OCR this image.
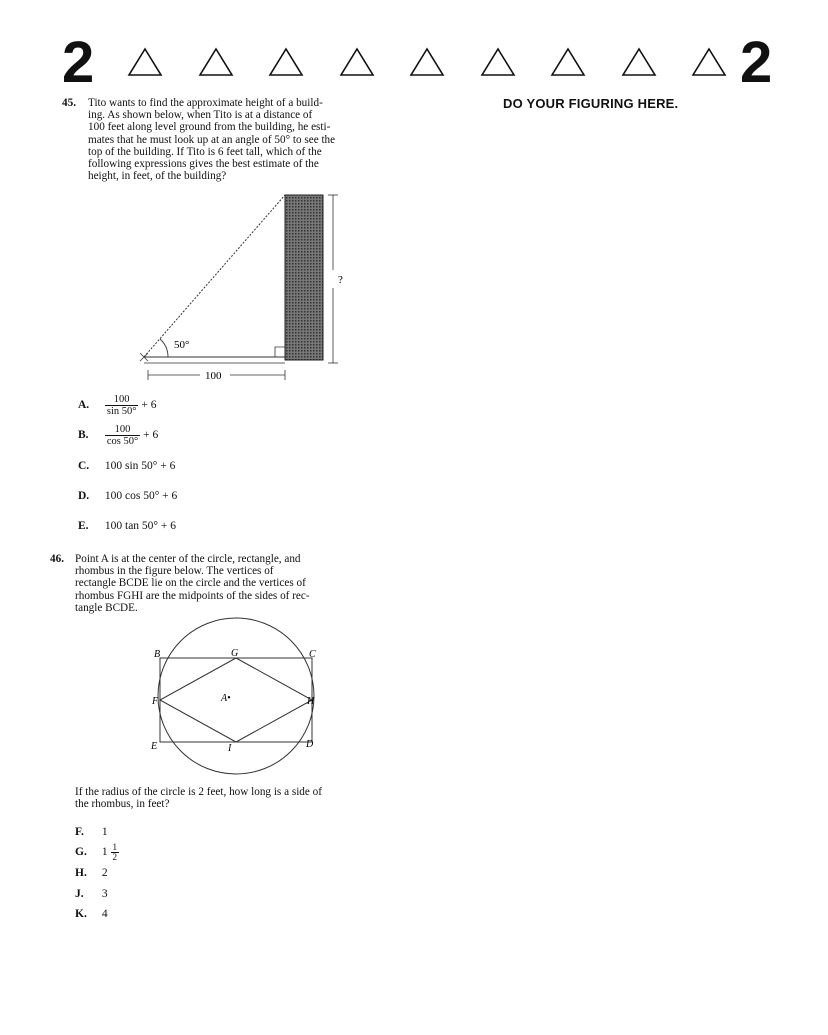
2	2
DO YOUR FIGURING HERE.
45. Tito wants to find the approximate height of a build-
ing. As shown below, when Tito is at a distance of
100 feet along level ground from the building, he esti-
mates that he must look up at an angle of 50° to see the
top of the building. If Tito is 6 feet tall, which of the
following expressions gives the best estimate of the
height, in feet, of the building?
50°
100
?
A. $\frac{100}{\sin 50^\circ} + 6$
B. $\frac{100}{\cos 50^\circ} + 6$
C. 100 sin 50° + 6
D. 100 cos 50° + 6
E. 100 tan 50° + 6
46. Point A is at the center of the circle, rectangle, and
rhombus in the figure below. The vertices of
rectangle BCDE lie on the circle and the vertices of
rhombus FGHI are the midpoints of the sides of rec-
tangle BCDE.
B	C
D
E
F
G
H
I
A•
If the radius of the circle is 2 feet, how long is a side of
the rhombus, in feet?
F. 1
G. $1 \frac{1}{2}$
H. 2
J. 3
K. 4
